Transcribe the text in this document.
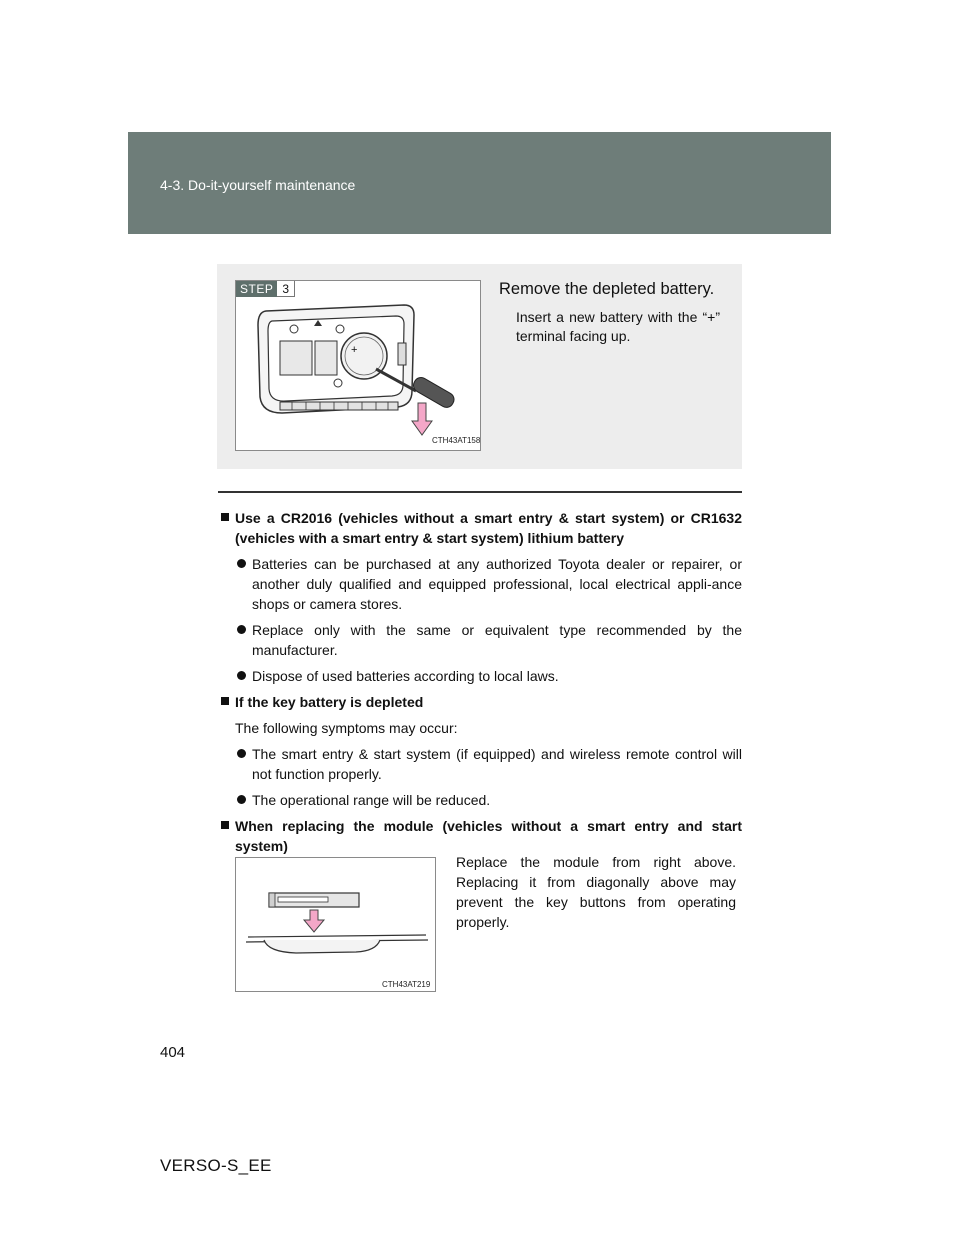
4-3. Do-it-yourself maintenance
STEP 3
+
CTH43AT158
Remove the depleted battery.
Insert a new battery with the “+” terminal facing up.
Use a CR2016 (vehicles without a smart entry & start system) or CR1632 (vehicles with a smart entry & start system) lithium battery
Batteries can be purchased at any authorized Toyota dealer or repairer, or another duly qualified and equipped professional, local electrical appli-ance shops or camera stores.
Replace only with the same or equivalent type recommended by the manufacturer.
Dispose of used batteries according to local laws.
If the key battery is depleted
The following symptoms may occur:
The smart entry & start system (if equipped) and wireless remote control will not function properly.
The operational range will be reduced.
When replacing the module (vehicles without a smart entry and start system)
CTH43AT219
Replace the module from right above. Replacing it from diagonally above may prevent the key buttons from operating properly.
404
VERSO-S_EE
